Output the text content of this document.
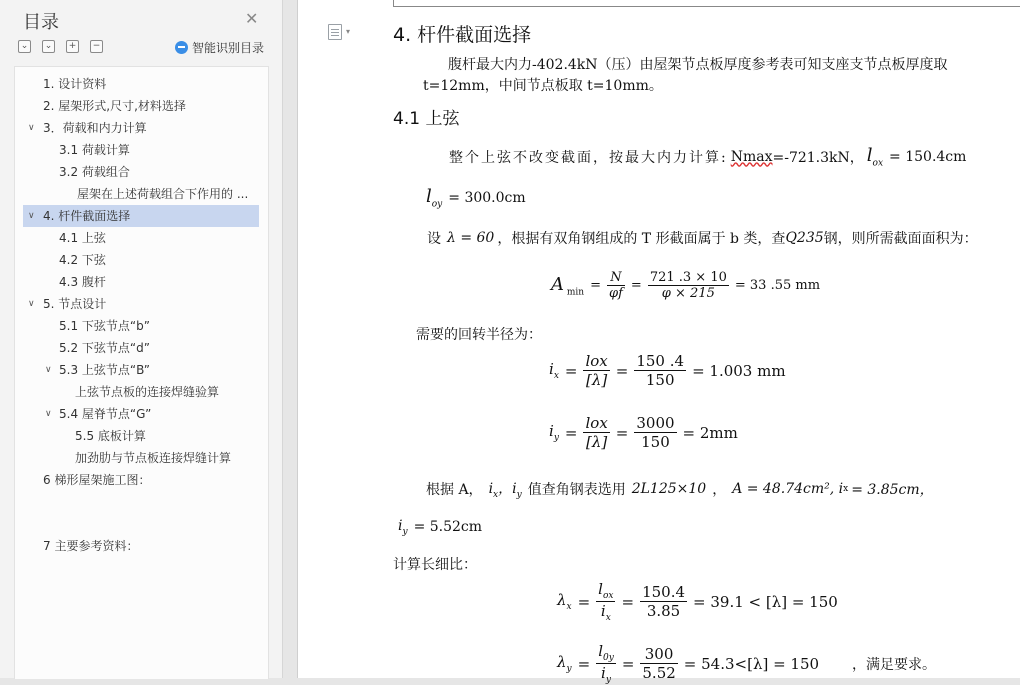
目录	✕
⌄	⌄	+	−	智能识别目录
1. 设计资料
2. 屋架形式,尺寸,材料选择
∨ 3．荷载和内力计算
3.1 荷载计算
3.2 荷载组合
屋架在上述荷载组合下作用的 ...
4. 杆件截面选择
∨
4.1 上弦
4.2 下弦
4.3 腹杆
∨ 5. 节点设计
5.1 下弦节点“b”
5.2 下弦节点“d”
∨ 5.3 上弦节点“B”
上弦节点板的连接焊缝验算
∨ 5.4 屋脊节点“G”
5.5 底板计算
加劲肋与节点板连接焊缝计算
6 梯形屋架施工图：
7 主要参考资料：
▾ 4. 杆件截面选择
腹杆最大内力-402.4kN（压）由屋架节点板厚度参考表可知支座支节点板厚度取
t=12mm，中间节点板取 t=10mm。
4.1 上弦
整个上弦不改变截面，按最大内力计算: Nmax =-721.3kN， $l_{ox} = 150.4cm$
$l_{oy} = 300.0cm$
设 λ = 60 ，根据有双角钢组成的 T 形截面属于 b 类，查 Q235 钢，则所需截面面积为：
A $_{min} = \frac{N}{\varphi f} = \frac{721 .3 \times 10}{\varphi \times 215} = 33$ .55 mm
需要的回转半径为：
$i_x = \frac{\text{lox}}{[\lambda]} = \frac{150 .4}{150} = 1.003$ mm
$i_y = \frac{\text{lox}}{[\lambda]} = \frac{3000}{150} = 2mm$
根据 A， $i_x$，$i_y$ 值查角钢表选用 2L125×10 ， A = 48.74cm², i x = 3.85cm，
$i_y = 5.52cm$
计算长细比：
$\lambda_x = \frac{l_{ox}}{i_x} = \frac{150.4}{3.85} = 39.1 < [\lambda] = 150$
$\lambda_y = \frac{l_{0y}}{i_y} = \frac{300}{5.52} = 54.3<[\lambda] = 150$ ，满足要求。
